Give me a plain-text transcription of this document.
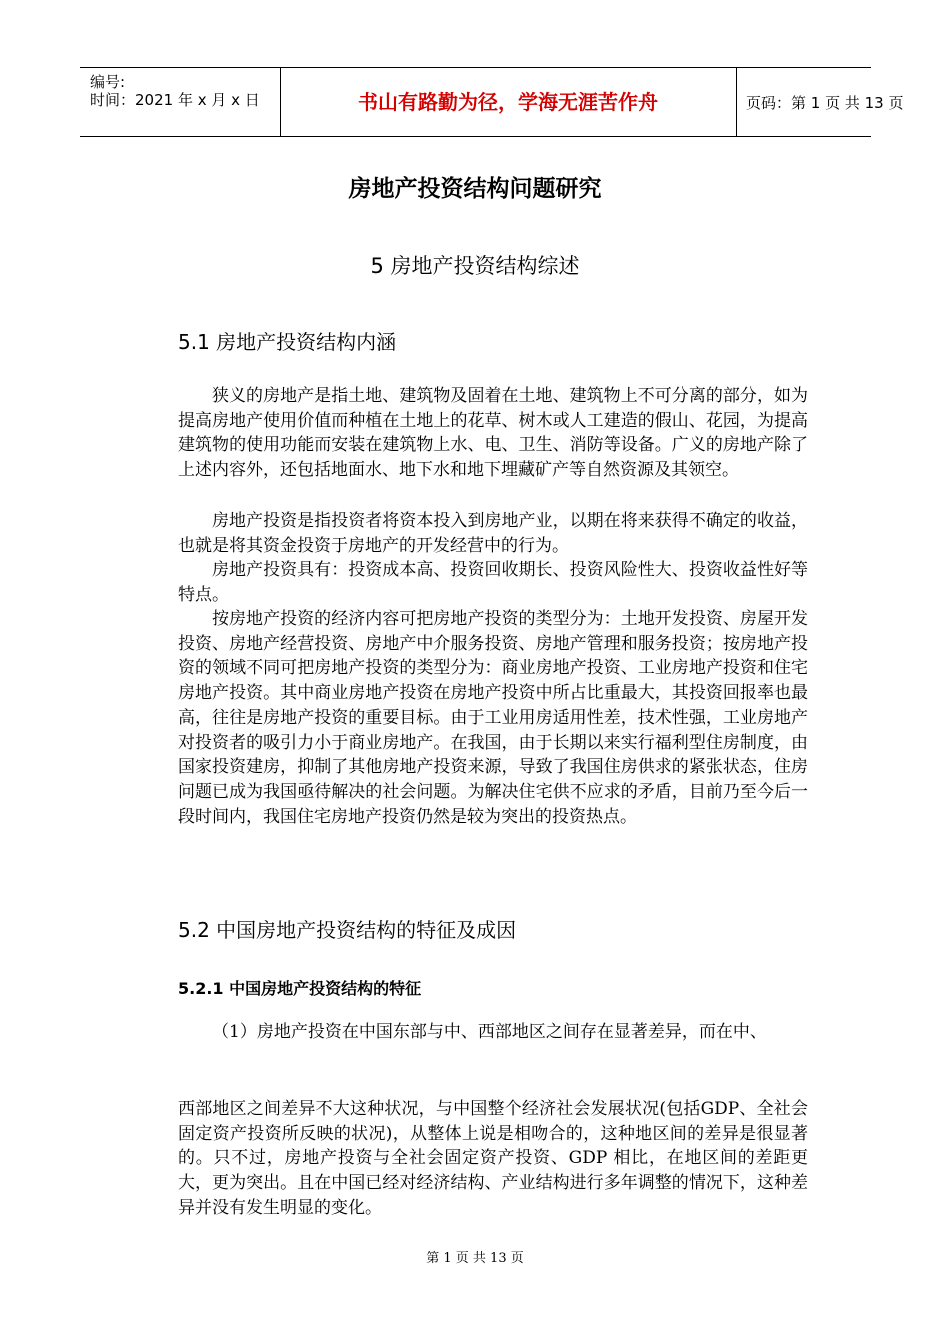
编号:
时间：2021 年 x 月 x 日	书山有路勤为径，学海无涯苦作舟	页码：第 1 页 共 13 页
房地产投资结构问题研究
5 房地产投资结构综述
5.1 房地产投资结构内涵
狭义的房地产是指土地、建筑物及固着在土地、建筑物上不可分离的部分，如为提高房地产使用价值而种植在土地上的花草、树木或人工建造的假山、花园，为提高建筑物的使用功能而安装在建筑物上水、电、卫生、消防等设备。广义的房地产除了上述内容外，还包括地面水、地下水和地下埋藏矿产等自然资源及其领空。
房地产投资是指投资者将资本投入到房地产业，以期在将来获得不确定的收益，也就是将其资金投资于房地产的开发经营中的行为。
房地产投资具有：投资成本高、投资回收期长、投资风险性大、投资收益性好等特点。
按房地产投资的经济内容可把房地产投资的类型分为：土地开发投资、房屋开发投资、房地产经营投资、房地产中介服务投资、房地产管理和服务投资；按房地产投资的领域不同可把房地产投资的类型分为：商业房地产投资、工业房地产投资和住宅房地产投资。其中商业房地产投资在房地产投资中所占比重最大，其投资回报率也最高，往往是房地产投资的重要目标。由于工业用房适用性差，技术性强，工业房地产对投资者的吸引力小于商业房地产。在我国，由于长期以来实行福利型住房制度，由国家投资建房，抑制了其他房地产投资来源，导致了我国住房供求的紧张状态，住房问题已成为我国亟待解决的社会问题。为解决住宅供不应求的矛盾，目前乃至今后一段时间内，我国住宅房地产投资仍然是较为突出的投资热点。
5.2 中国房地产投资结构的特征及成因
5.2.1 中国房地产投资结构的特征
（1）房地产投资在中国东部与中、西部地区之间存在显著差异，而在中、
西部地区之间差异不大这种状况，与中国整个经济社会发展状况(包括GDP、全社会固定资产投资所反映的状况)，从整体上说是相吻合的，这种地区间的差异是很显著的。只不过，房地产投资与全社会固定资产投资、GDP 相比，在地区间的差距更大，更为突出。且在中国已经对经济结构、产业结构进行多年调整的情况下，这种差异并没有发生明显的变化。
第 1 页 共 13 页
